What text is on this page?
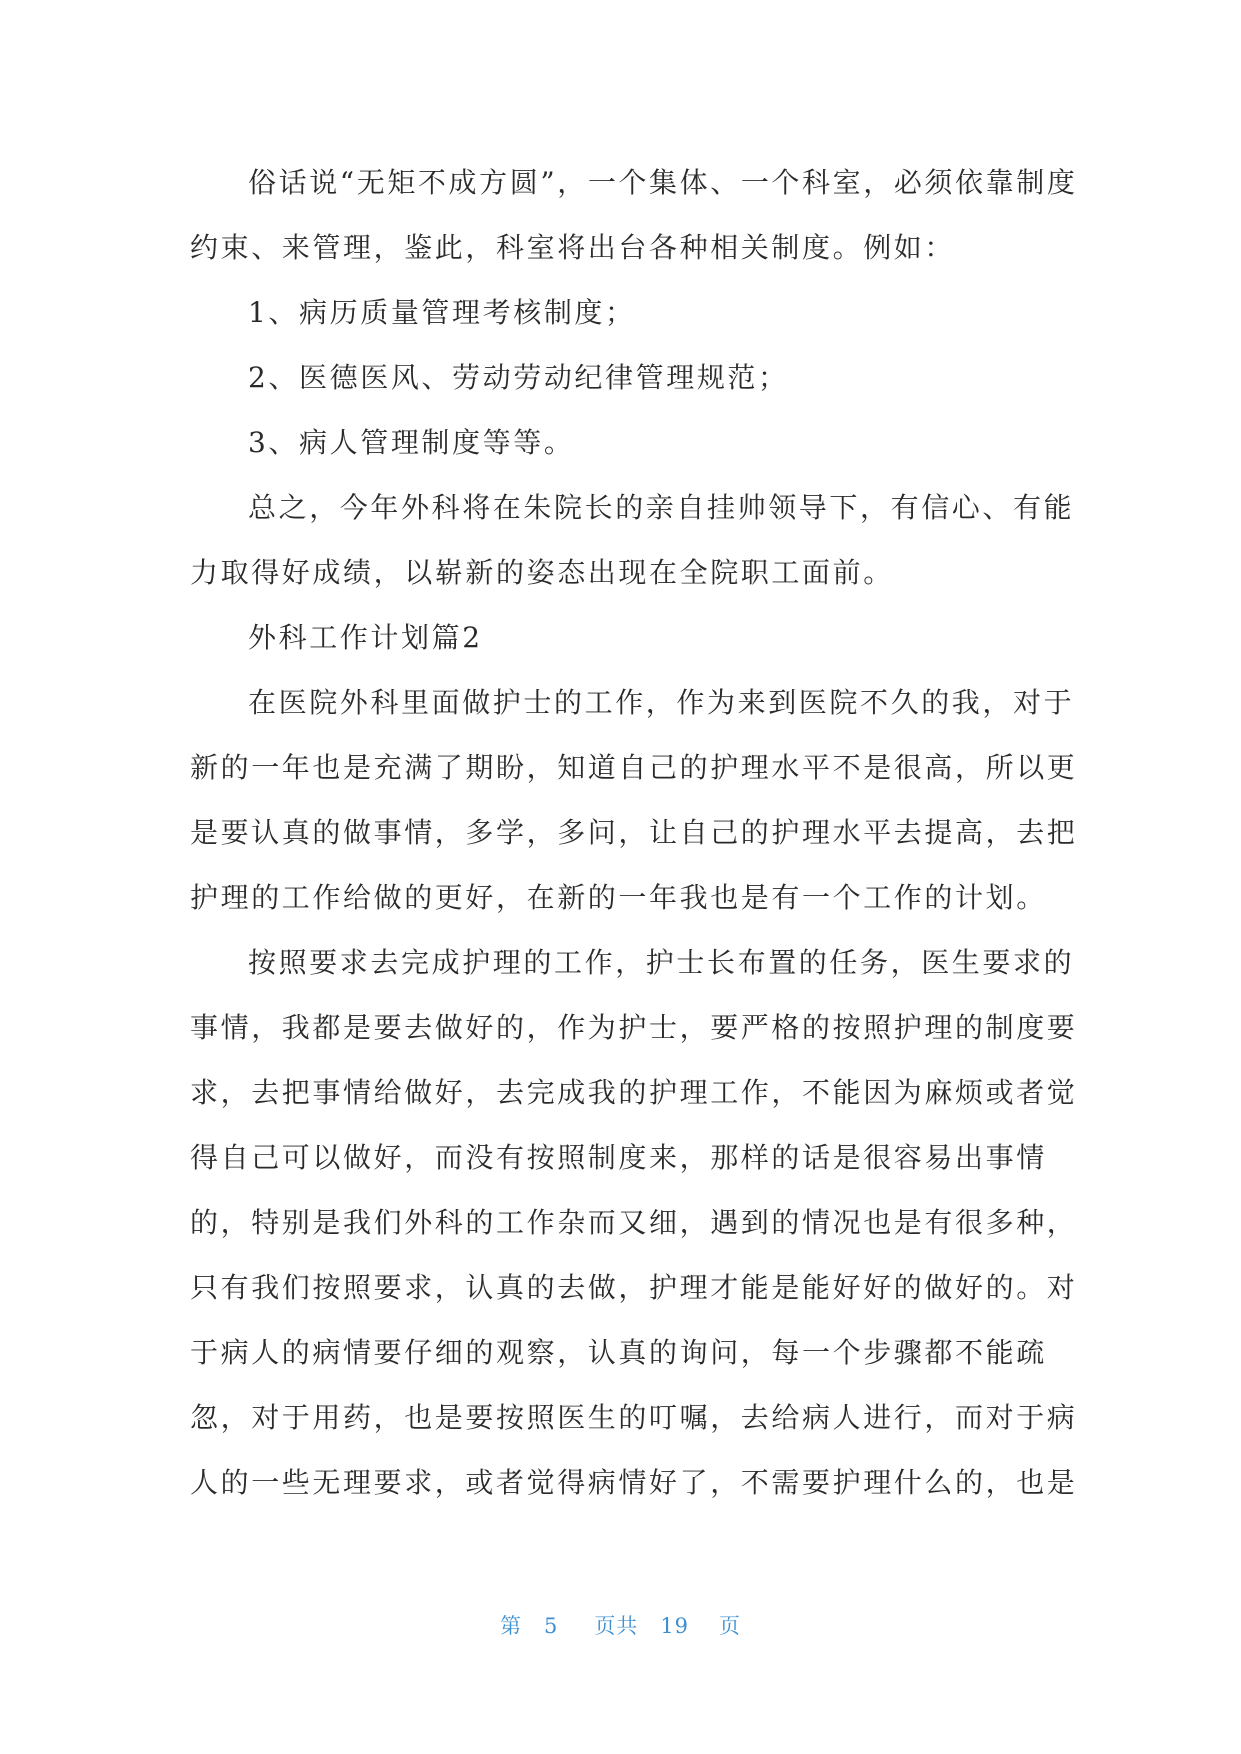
俗话说“无矩不成方圆”，一个集体、一个科室，必须依靠制度
约束、来管理，鉴此，科室将出台各种相关制度。例如：
1、病历质量管理考核制度；
2、医德医风、劳动劳动纪律管理规范；
3、病人管理制度等等。
总之，今年外科将在朱院长的亲自挂帅领导下，有信心、有能
力取得好成绩，以崭新的姿态出现在全院职工面前。
外科工作计划篇2
在医院外科里面做护士的工作，作为来到医院不久的我，对于
新的一年也是充满了期盼，知道自己的护理水平不是很高，所以更
是要认真的做事情，多学，多问，让自己的护理水平去提高，去把
护理的工作给做的更好，在新的一年我也是有一个工作的计划。
按照要求去完成护理的工作，护士长布置的任务，医生要求的
事情，我都是要去做好的，作为护士，要严格的按照护理的制度要
求，去把事情给做好，去完成我的护理工作，不能因为麻烦或者觉
得自己可以做好，而没有按照制度来，那样的话是很容易出事情
的，特别是我们外科的工作杂而又细，遇到的情况也是有很多种，
只有我们按照要求，认真的去做，护理才能是能好好的做好的。对
于病人的病情要仔细的观察，认真的询问，每一个步骤都不能疏
忽，对于用药，也是要按照医生的叮嘱，去给病人进行，而对于病
人的一些无理要求，或者觉得病情好了，不需要护理什么的，也是
第 5 页共 19 页
